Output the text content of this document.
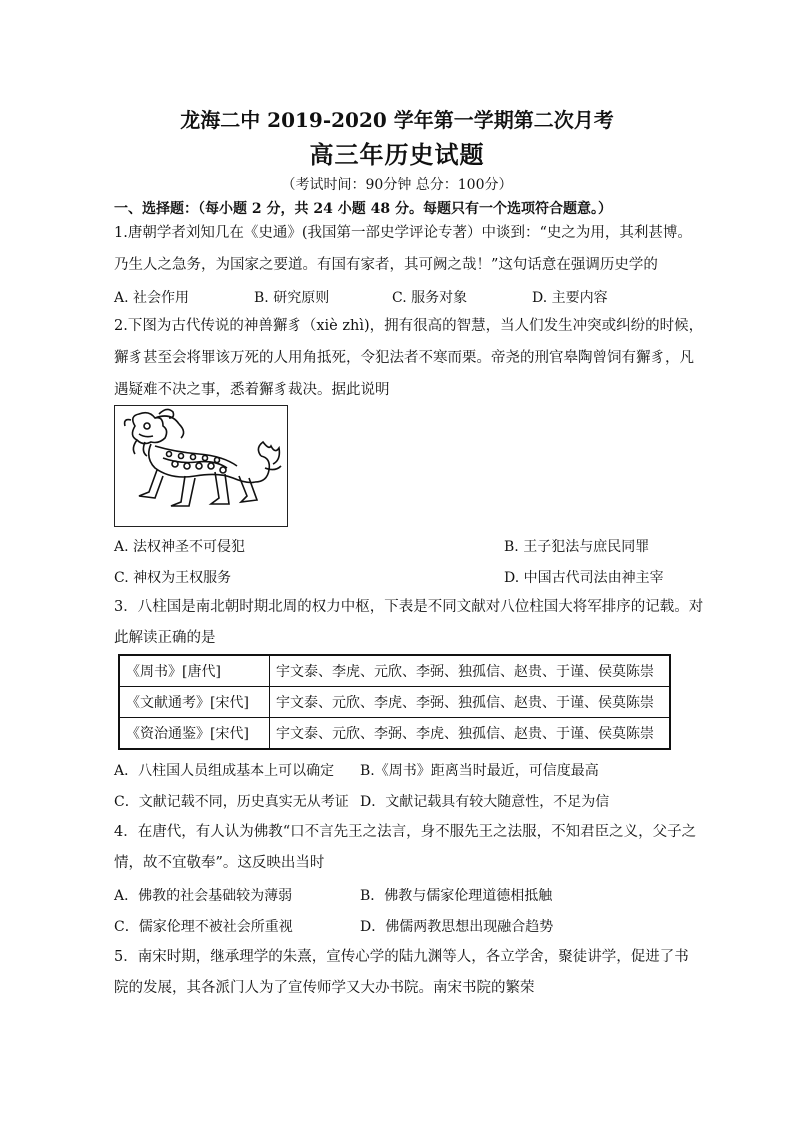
龙海二中 2019-2020 学年第一学期第二次月考
高三年历史试题
（考试时间：90分钟 总分：100分）
一、选择题：（每小题 2 分，共 24 小题 48 分。每题只有一个选项符合题意。）
1.唐朝学者刘知几在《史通》(我国第一部史学评论专著）中谈到：“史之为用，其利甚博。
乃生人之急务，为国家之要道。有国有家者，其可阙之哉！”这句话意在强调历史学的
A. 社会作用	B. 研究原则	C. 服务对象	D. 主要内容
2.下图为古代传说的神兽獬豸（xiè zhì)，拥有很高的智慧，当人们发生冲突或纠纷的时候，
獬豸甚至会将罪该万死的人用角抵死，令犯法者不寒而栗。帝尧的刑官皋陶曾饲有獬豸，凡
遇疑难不决之事，悉着獬豸裁决。据此说明
A. 法权神圣不可侵犯	B. 王子犯法与庶民同罪
C. 神权为王权服务	D. 中国古代司法由神主宰
3．八柱国是南北朝时期北周的权力中枢，下表是不同文献对八位柱国大将军排序的记载。对
此解读正确的是
《周书》[唐代]	宇文泰、李虎、元欣、李弼、独孤信、赵贵、于谨、侯莫陈崇
《文献通考》[宋代]	宇文泰、元欣、李虎、李弼、独孤信、赵贵、于谨、侯莫陈崇
《资治通鉴》[宋代]	宇文泰、元欣、李弼、李虎、独孤信、赵贵、于谨、侯莫陈崇
A．八柱国人员组成基本上可以确定 B.《周书》距离当时最近，可信度最高
C．文献记载不同，历史真实无从考证 D．文献记载具有较大随意性，不足为信
4．在唐代，有人认为佛教“口不言先王之法言，身不服先王之法服，不知君臣之义，父子之
情，故不宜敬奉”。这反映出当时
A．佛教的社会基础较为薄弱	B．佛教与儒家伦理道德相抵触
C．儒家伦理不被社会所重视	D．佛儒两教思想出现融合趋势
5．南宋时期，继承理学的朱熹，宣传心学的陆九渊等人，各立学舍，聚徒讲学，促进了书
院的发展，其各派门人为了宣传师学又大办书院。南宋书院的繁荣
